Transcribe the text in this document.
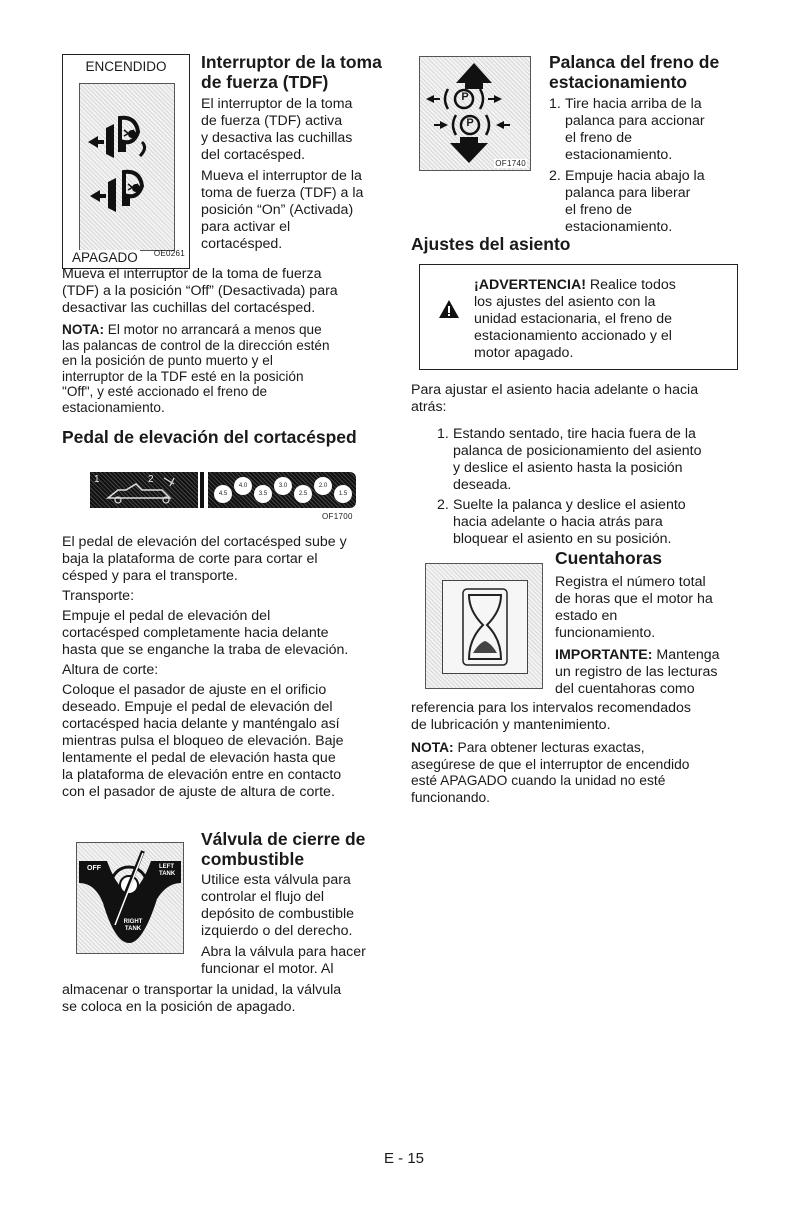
ENCENDIDO
OE0261
APAGADO
Interruptor de la toma
de fuerza (TDF)
El interruptor de la toma
de fuerza (TDF) activa
y desactiva las cuchillas
del cortacésped.
Mueva el interruptor de la
toma de fuerza (TDF) a la
posición “On” (Activada)
para activar el
cortacésped.
Mueva el interruptor de la toma de fuerza
(TDF) a la posición “Off” (Desactivada) para
desactivar las cuchillas del cortacésped.
NOTA: El motor no arrancará a menos que
las palancas de control de la dirección estén
en la posición de punto muerto y el
interruptor de la TDF esté en la posición
"Off", y esté accionado el freno de
estacionamiento.
Pedal de elevación del cortacésped
1	2
4.5
4.0
3.5
3.0
2.5
2.0
1.5
OF1700
El pedal de elevación del cortacésped sube y
baja la plataforma de corte para cortar el
césped y para el transporte.
Transporte:
Empuje el pedal de elevación del
cortacésped completamente hacia delante
hasta que se enganche la traba de elevación.
Altura de corte:
Coloque el pasador de ajuste en el orificio
deseado. Empuje el pedal de elevación del
cortacésped hacia delante y manténgalo así
mientras pulsa el bloqueo de elevación. Baje
lentamente el pedal de elevación hasta que
la plataforma de elevación entre en contacto
con el pasador de ajuste de altura de corte.
OFF	LEFT TANK
RIGHT TANK
Válvula de cierre de
combustible
Utilice esta válvula para
controlar el flujo del
depósito de combustible
izquierdo o del derecho.
Abra la válvula para hacer
funcionar el motor. Al
almacenar o transportar la unidad, la válvula
se coloca en la posición de apagado.
P
P
OF1740
Palanca del freno de
estacionamiento
1. Tire hacia arriba de la
palanca para accionar
el freno de
estacionamiento.
2. Empuje hacia abajo la
palanca para liberar
el freno de
estacionamiento.
Ajustes del asiento
¡ADVERTENCIA! Realice todos
los ajustes del asiento con la
unidad estacionaria, el freno de
estacionamiento accionado y el
motor apagado.
Para ajustar el asiento hacia adelante o hacia
atrás:
1. Estando sentado, tire hacia fuera de la
palanca de posicionamiento del asiento
y deslice el asiento hasta la posición
deseada.
2. Suelte la palanca y deslice el asiento
hacia adelante o hacia atrás para
bloquear el asiento en su posición.
Cuentahoras
Registra el número total
de horas que el motor ha
estado en
funcionamiento.
IMPORTANTE: Mantenga
un registro de las lecturas
del cuentahoras como
referencia para los intervalos recomendados
de lubricación y mantenimiento.
NOTA: Para obtener lecturas exactas,
asegúrese de que el interruptor de encendido
esté APAGADO cuando la unidad no esté
funcionando.
E - 15
